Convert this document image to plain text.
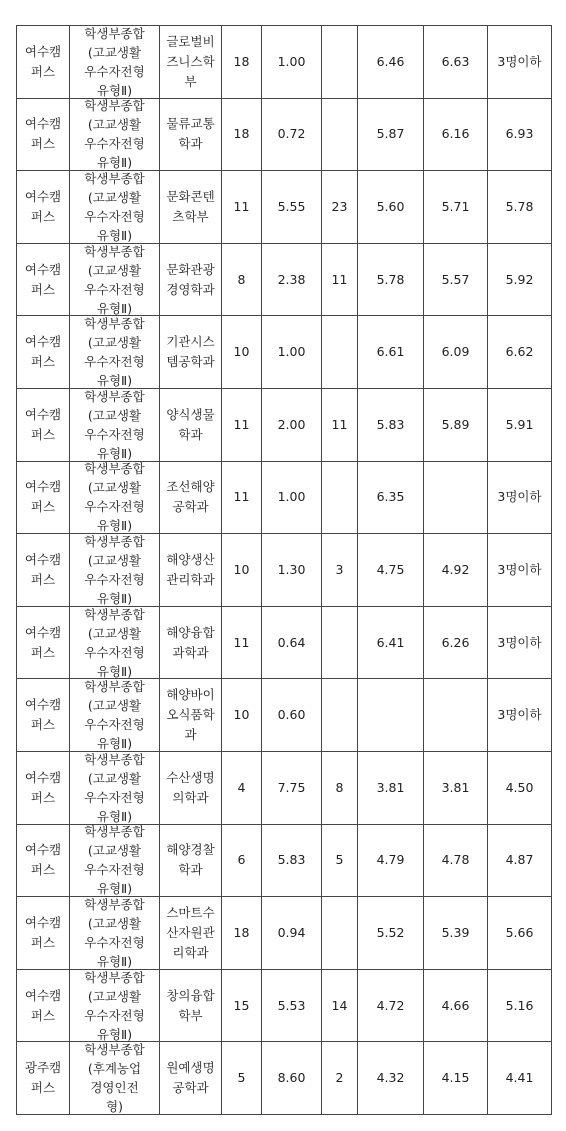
여수캠
퍼스	학생부종합
(고교생활
우수자전형
유형Ⅱ)	글로벌비
즈니스학
부	18	1.00		6.46	6.63	3명이하

여수캠
퍼스	학생부종합
(고교생활
우수자전형
유형Ⅱ)	물류교통
학과	18	0.72		5.87	6.16	6.93

여수캠
퍼스	학생부종합
(고교생활
우수자전형
유형Ⅱ)	문화콘텐
츠학부	11	5.55	23	5.60	5.71	5.78

여수캠
퍼스	학생부종합
(고교생활
우수자전형
유형Ⅱ)	문화관광
경영학과	8	2.38	11	5.78	5.57	5.92

여수캠
퍼스	학생부종합
(고교생활
우수자전형
유형Ⅱ)	기관시스
템공학과	10	1.00		6.61	6.09	6.62

여수캠
퍼스	학생부종합
(고교생활
우수자전형
유형Ⅱ)	양식생물
학과	11	2.00	11	5.83	5.89	5.91

여수캠
퍼스	학생부종합
(고교생활
우수자전형
유형Ⅱ)	조선해양
공학과	11	1.00		6.35		3명이하

여수캠
퍼스	학생부종합
(고교생활
우수자전형
유형Ⅱ)	해양생산
관리학과	10	1.30	3	4.75	4.92	3명이하

여수캠
퍼스	학생부종합
(고교생활
우수자전형
유형Ⅱ)	해양융합
과학과	11	0.64		6.41	6.26	3명이하

여수캠
퍼스	학생부종합
(고교생활
우수자전형
유형Ⅱ)	해양바이
오식품학
과	10	0.60				3명이하

여수캠
퍼스	학생부종합
(고교생활
우수자전형
유형Ⅱ)	수산생명
의학과	4	7.75	8	3.81	3.81	4.50

여수캠
퍼스	학생부종합
(고교생활
우수자전형
유형Ⅱ)	해양경찰
학과	6	5.83	5	4.79	4.78	4.87

여수캠
퍼스	학생부종합
(고교생활
우수자전형
유형Ⅱ)	스마트수
산자원관
리학과	18	0.94		5.52	5.39	5.66

여수캠
퍼스	학생부종합
(고교생활
우수자전형
유형Ⅱ)	창의융합
학부	15	5.53	14	4.72	4.66	5.16

광주캠
퍼스	학생부종합
(후계농업
경영인전
형)	원예생명
공학과	5	8.60	2	4.32	4.15	4.41
